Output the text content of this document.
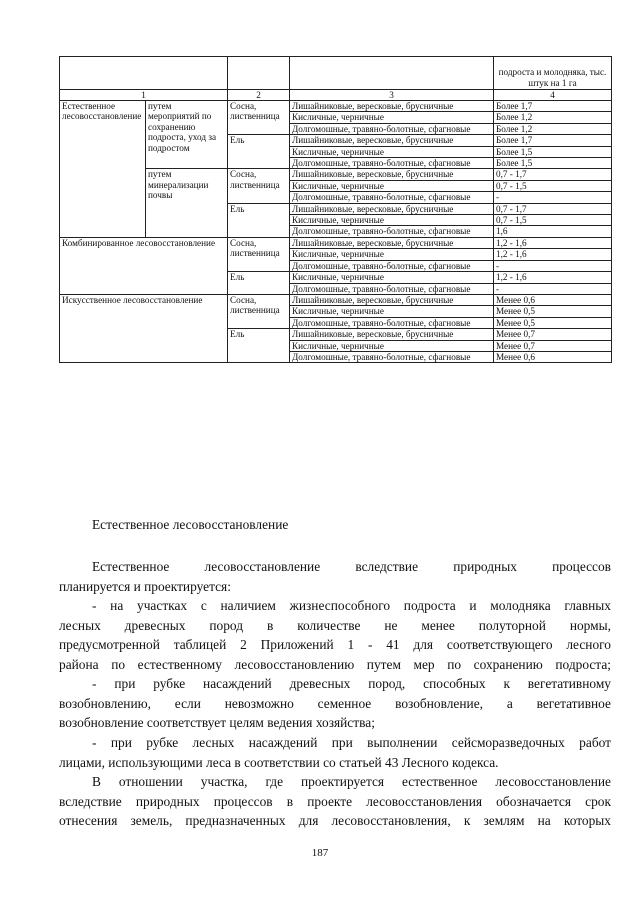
				подроста и молодняка, тыс. штук на 1 га
1		2	3	4
Естественное лесовосстановление	путем мероприятий по сохранению подроста, уход за подростом	Сосна, лиственница	Лишайниковые, вересковые, брусничные	Более 1,7
			Кисличные, черничные	Более 1,2
			Долгомошные, травяно-болотные, сфагновые	Более 1,2
		Ель	Лишайниковые, вересковые, брусничные	Более 1,7
			Кисличные, черничные	Более 1,5
			Долгомошные, травяно-болотные, сфагновые	Более 1,5
	путем минерализации почвы	Сосна, лиственница	Лишайниковые, вересковые, брусничные	0,7 - 1,7
			Кисличные, черничные	0,7 - 1,5
			Долгомошные, травяно-болотные, сфагновые	-
		Ель	Лишайниковые, вересковые, брусничные	0,7 - 1,7
			Кисличные, черничные	0,7 - 1,5
			Долгомошные, травяно-болотные, сфагновые	1,6
Комбинированное лесовосстановление		Сосна, лиственница	Лишайниковые, вересковые, брусничные	1,2 - 1,6
			Кисличные, черничные	1,2 - 1,6
			Долгомошные, травяно-болотные, сфагновые	-
		Ель	Кисличные, черничные	1,2 - 1,6
			Долгомошные, травяно-болотные, сфагновые	-
Искусственное лесовосстановление		Сосна, лиственница	Лишайниковые, вересковые, брусничные	Менее 0,6
			Кисличные, черничные	Менее 0,5
			Долгомошные, травяно-болотные, сфагновые	Менее 0,5
		Ель	Лишайниковые, вересковые, брусничные	Менее 0,7
			Кисличные, черничные	Менее 0,7
			Долгомошные, травяно-болотные, сфагновые	Менее 0,6
Естественное лесовосстановление
Естественное	лесовосстановление	вследствие	природных	процессов
планируется и проектируется:
- на участках с наличием жизнеспособного подроста и молодняка главных
лесных древесных пород в количестве не менее полуторной нормы,
предусмотренной таблицей 2 Приложений 1 - 41 для соответствующего лесного
района по естественному лесовосстановлению путем мер по сохранению подроста;
- при рубке насаждений древесных пород, способных к вегетативному
возобновлению, если невозможно семенное возобновление, а вегетативное
возобновление соответствует целям ведения хозяйства;
- при рубке лесных насаждений при выполнении сейсморазведочных работ
лицами, использующими леса в соответствии со статьей 43 Лесного кодекса.
В отношении участка, где проектируется естественное лесовосстановление
вследствие природных процессов в проекте лесовосстановления обозначается срок
отнесения земель, предназначенных для лесовосстановления, к землям на которых
187
